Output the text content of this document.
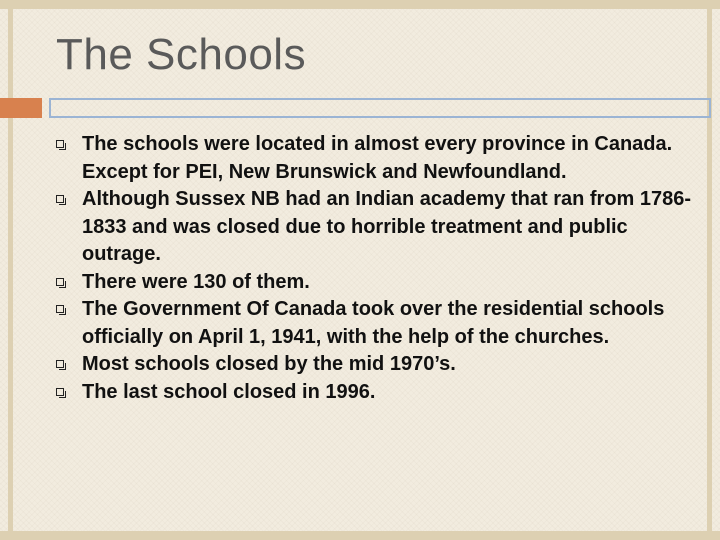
The Schools
The schools were located in almost every province in Canada. Except for PEI, New Brunswick and Newfoundland.
Although Sussex NB had an Indian academy that ran from 1786-1833 and was closed due to horrible treatment and public outrage.
There were 130 of them.
The Government Of Canada took over the residential schools officially on April 1, 1941, with the help of the churches.
Most schools closed by the mid 1970’s.
The last school closed in 1996.
